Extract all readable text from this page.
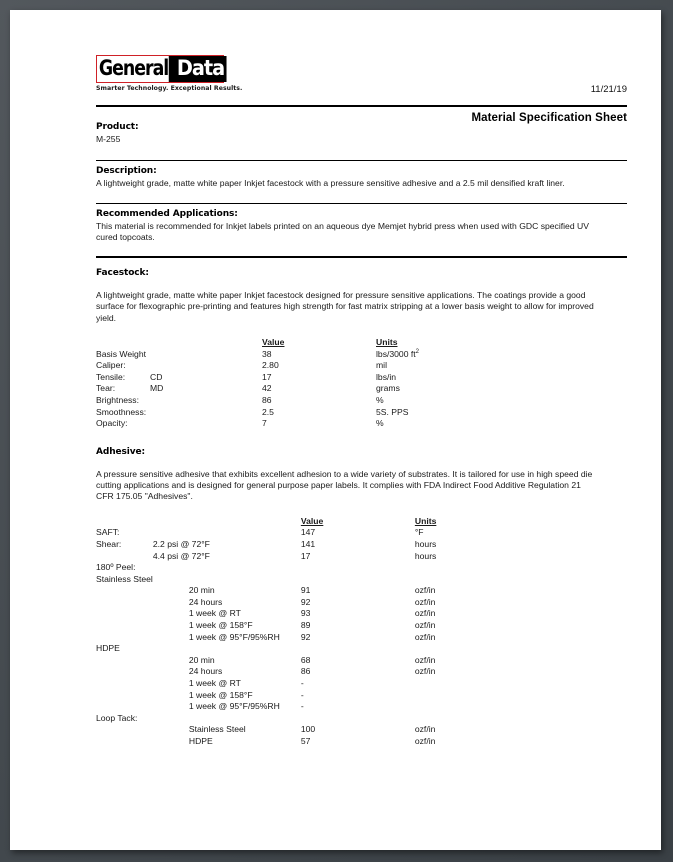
General Data
Smarter Technology. Exceptional Results.	11/21/19
Material Specification Sheet
Product:
M-255
Description:
A lightweight grade, matte white paper Inkjet facestock with a pressure sensitive adhesive and a 2.5 mil densified kraft liner.
Recommended Applications:
This material is recommended for Inkjet labels printed on an aqueous dye Memjet hybrid press when used with GDC specified UV cured topcoats.
Facestock:
A lightweight grade, matte white paper Inkjet facestock designed for pressure sensitive applications. The coatings provide a good surface for flexographic pre-printing and features high strength for fast matrix stripping at a lower basis weight to allow for improved yield.
		Value	Units
Basis Weight		38	lbs/3000 $ft^2$
Caliper:		2.80	mil
Tensile:	CD	17	lbs/in
Tear:	MD	42	grams
Brightness:		86	%
Smoothness:		2.5	5S. PPS
Opacity:		7	%
Adhesive:
A pressure sensitive adhesive that exhibits excellent adhesion to a wide variety of substrates. It is tailored for use in high speed die cutting applications and is designed for general purpose paper labels. It complies with FDA Indirect Food Additive Regulation 21 CFR 175.05 "Adhesives".
		Value	Units
SAFT:		147	°F
Shear:	2.2 psi @ 72°F	141	hours
	4.4 psi @ 72°F	17	hours
180º Peel:			
Stainless Steel			
	20 min	91	ozf/in
	24 hours	92	ozf/in
	1 week @ RT	93	ozf/in
	1 week @ 158°F	89	ozf/in
	1 week @ 95°F/95%RH	92	ozf/in
HDPE			
	20 min	68	ozf/in
	24 hours	86	ozf/in
	1 week @ RT	-	
	1 week @ 158°F	-	
	1 week @ 95°F/95%RH	-	
Loop Tack:			
	Stainless Steel	100	ozf/in
	HDPE	57	ozf/in
